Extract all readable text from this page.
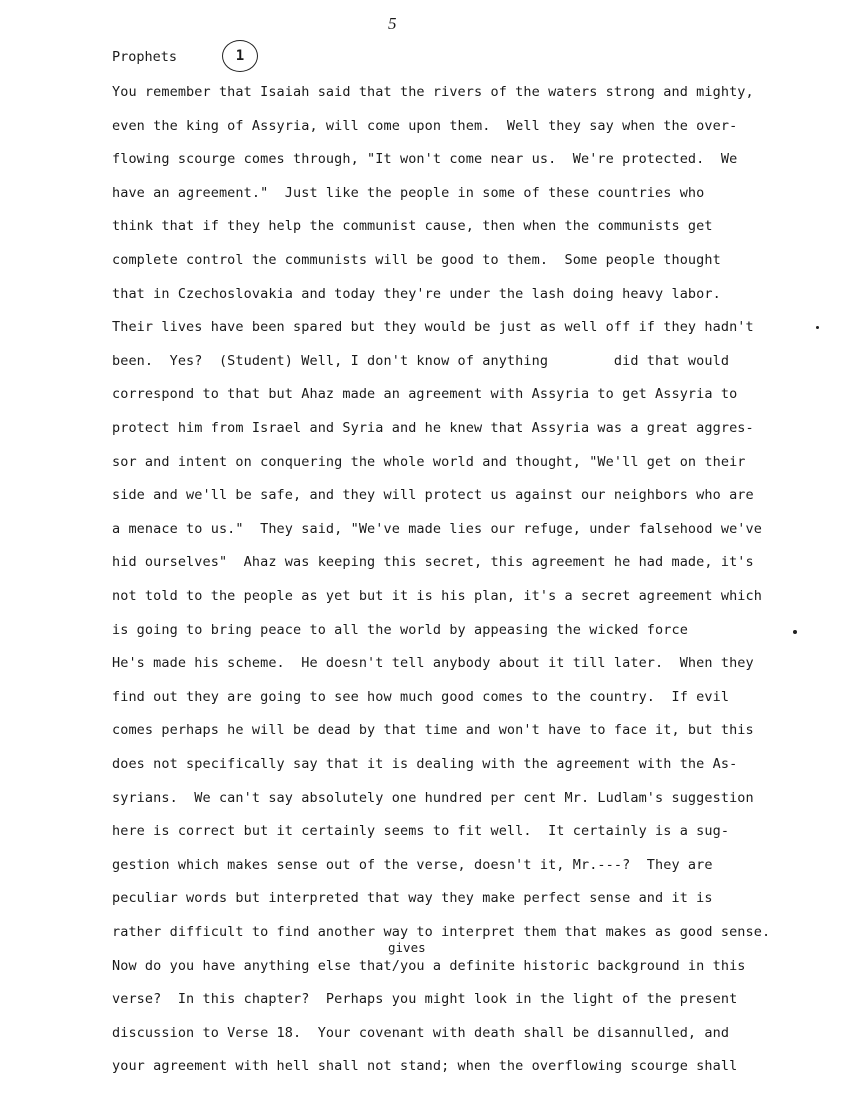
5
Prophets	1
You remember that Isaiah said that the rivers of the waters strong and mighty,
even the king of Assyria, will come upon them.  Well they say when the over-
flowing scourge comes through, "It won't come near us.  We're protected.  We
have an agreement."  Just like the people in some of these countries who
think that if they help the communist cause, then when the communists get
complete control the communists will be good to them.  Some people thought
that in Czechoslovakia and today they're under the lash doing heavy labor.
Their lives have been spared but they would be just as well off if they hadn't
been.  Yes?  (Student) Well, I don't know of anything        did that would
correspond to that but Ahaz made an agreement with Assyria to get Assyria to
protect him from Israel and Syria and he knew that Assyria was a great aggres-
sor and intent on conquering the whole world and thought, "We'll get on their
side and we'll be safe, and they will protect us against our neighbors who are
a menace to us."  They said, "We've made lies our refuge, under falsehood we've
hid ourselves"  Ahaz was keeping this secret, this agreement he had made, it's
not told to the people as yet but it is his plan, it's a secret agreement which
is going to bring peace to all the world by appeasing the wicked force
He's made his scheme.  He doesn't tell anybody about it till later.  When they
find out they are going to see how much good comes to the country.  If evil
comes perhaps he will be dead by that time and won't have to face it, but this
does not specifically say that it is dealing with the agreement with the As-
syrians.  We can't say absolutely one hundred per cent Mr. Ludlam's suggestion
here is correct but it certainly seems to fit well.  It certainly is a sug-
gestion which makes sense out of the verse, doesn't it, Mr.---?  They are
peculiar words but interpreted that way they make perfect sense and it is
rather difficult to find another way to interpret them that makes as good sense.
Now do you have anything else that/you a definite historic background in this
verse?  In this chapter?  Perhaps you might look in the light of the present
discussion to Verse 18.  Your covenant with death shall be disannulled, and
your agreement with hell shall not stand; when the overflowing scourge shall
gives
